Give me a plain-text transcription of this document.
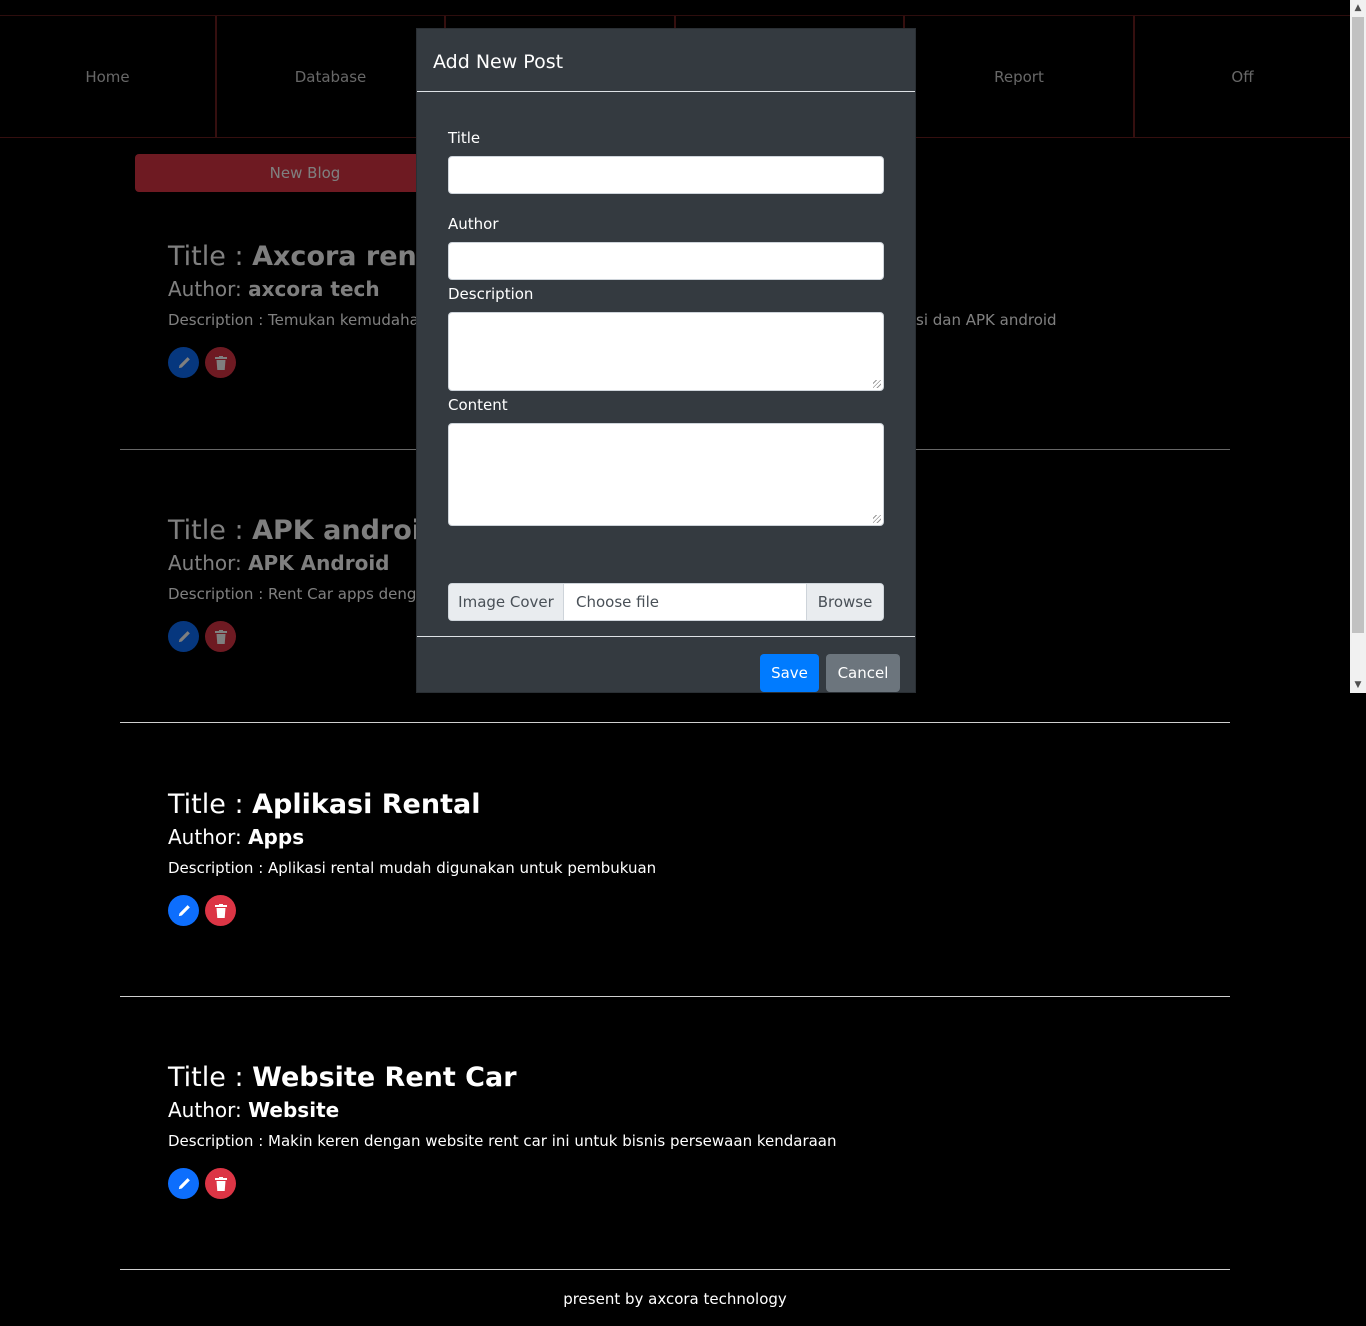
Title : Aplikasi Rental
Author: Apps
Description : Aplikasi rental mudah digunakan untuk pembukuan
Title : Website Rent Car
Author: Website
Description : Makin keren dengan website rent car ini untuk bisnis persewaan kendaraan
present by axcora technology
▲
▼
Add New Post
Title
Author
Description
Content
Image Cover	Choose file	Browse
Save	Cancel
